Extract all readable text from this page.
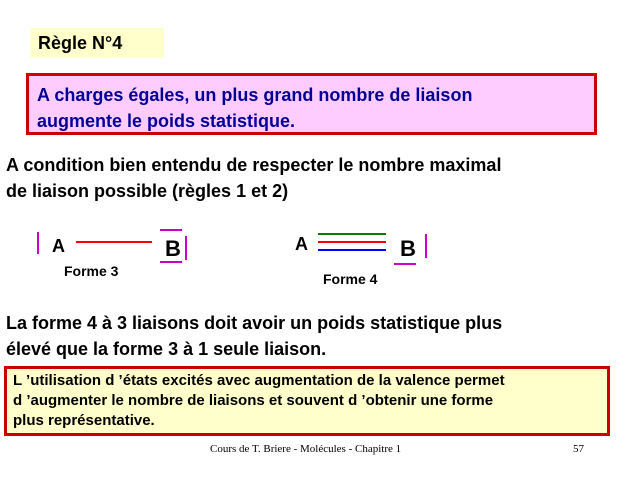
Règle N°4
A charges égales, un plus grand nombre de liaison
augmente le poids statistique.
A condition bien entendu de respecter le nombre maximal
de liaison possible (règles 1 et 2)
A	B
Forme 3
A	B
Forme 4
La forme 4 à 3 liaisons doit avoir un poids statistique plus
élevé que la forme 3 à 1 seule liaison.
L ’utilisation d ’états excités avec augmentation de la valence permet
d ’augmenter le nombre de liaisons et souvent d ’obtenir une forme
plus représentative.
Cours de T. Briere - Molécules - Chapitre 1	57
